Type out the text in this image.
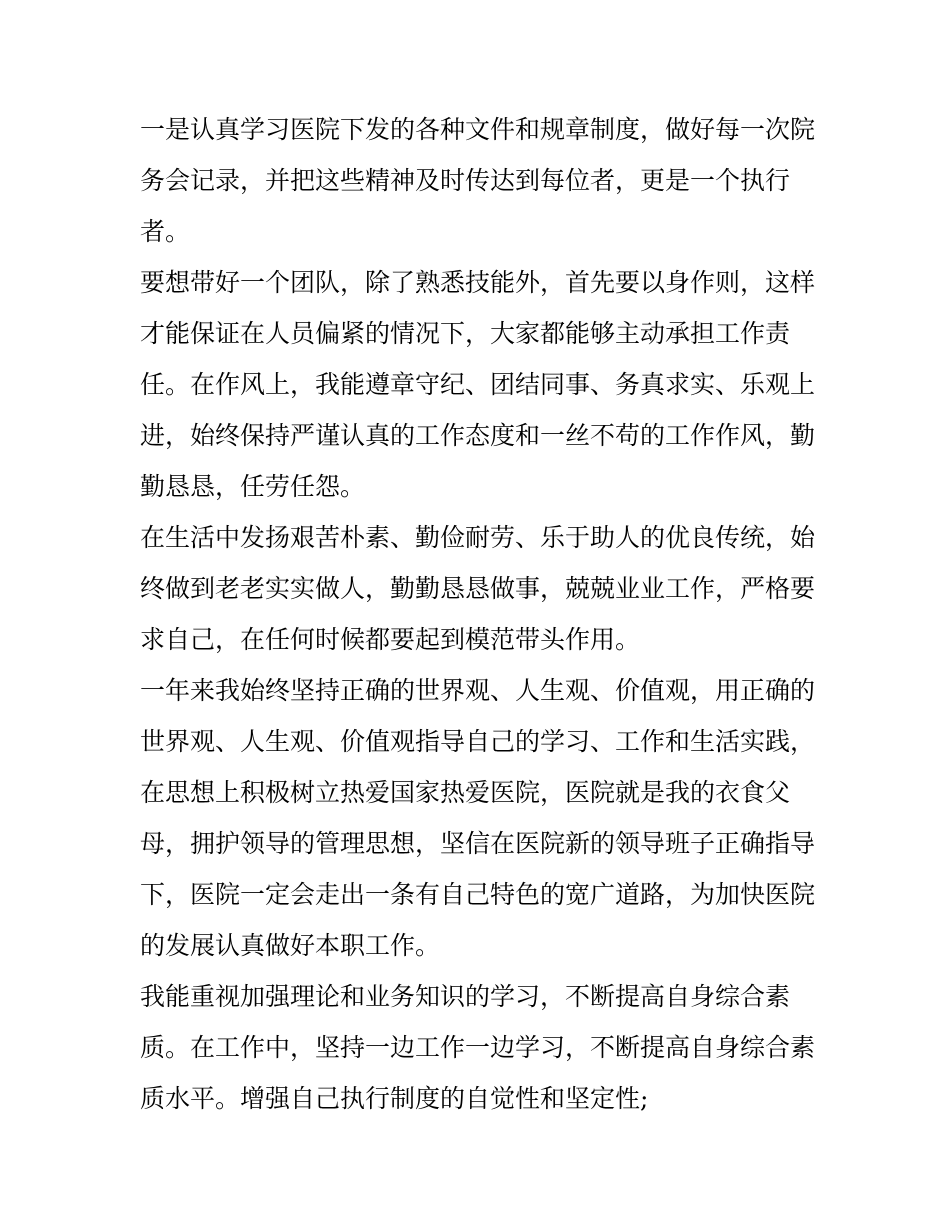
一是认真学习医院下发的各种文件和规章制度，做好每一次院务会记录，并把这些精神及时传达到每位者，更是一个执行者。

要想带好一个团队，除了熟悉技能外，首先要以身作则，这样才能保证在人员偏紧的情况下，大家都能够主动承担工作责任。在作风上，我能遵章守纪、团结同事、务真求实、乐观上进，始终保持严谨认真的工作态度和一丝不苟的工作作风，勤勤恳恳，任劳任怨。

在生活中发扬艰苦朴素、勤俭耐劳、乐于助人的优良传统，始终做到老老实实做人，勤勤恳恳做事，兢兢业业工作，严格要求自己，在任何时候都要起到模范带头作用。

一年来我始终坚持正确的世界观、人生观、价值观，用正确的世界观、人生观、价值观指导自己的学习、工作和生活实践，在思想上积极树立热爱国家热爱医院，医院就是我的衣食父母，拥护领导的管理思想，坚信在医院新的领导班子正确指导下，医院一定会走出一条有自己特色的宽广道路，为加快医院的发展认真做好本职工作。

我能重视加强理论和业务知识的学习，不断提高自身综合素质。在工作中，坚持一边工作一边学习，不断提高自身综合素质水平。增强自己执行制度的自觉性和坚定性;
